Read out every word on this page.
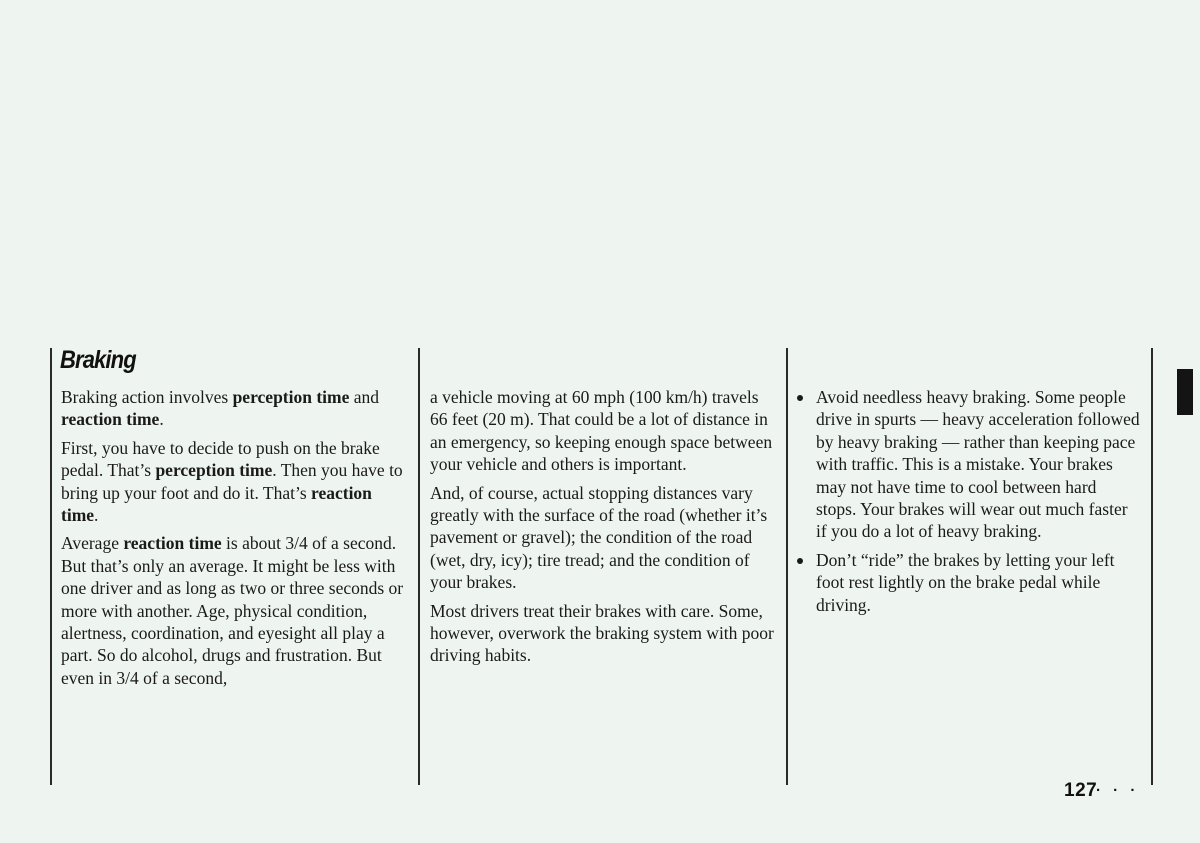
Braking

Braking action involves perception time and reaction time.

First, you have to decide to push on the brake pedal. That’s perception time. Then you have to bring up your foot and do it. That’s reaction time.

Average reaction time is about 3/4 of a second. But that’s only an average. It might be less with one driver and as long as two or three seconds or more with another. Age, physical condition, alertness, coordination, and eyesight all play a part. So do alcohol, drugs and frustration. But even in 3/4 of a second,

a vehicle moving at 60 mph (100 km/h) travels 66 feet (20 m). That could be a lot of distance in an emergency, so keeping enough space between your vehicle and others is important.

And, of course, actual stopping distances vary greatly with the surface of the road (whether it’s pavement or gravel); the condition of the road (wet, dry, icy); tire tread; and the condition of your brakes.

Most drivers treat their brakes with care. Some, however, overwork the braking system with poor driving habits.

Avoid needless heavy braking. Some people drive in spurts — heavy acceleration followed by heavy braking — rather than keeping pace with traffic. This is a mistake. Your brakes may not have time to cool between hard stops. Your brakes will wear out much faster if you do a lot of heavy braking.
Don’t “ride” the brakes by letting your left foot rest lightly on the brake pedal while driving.
127
· · ·
